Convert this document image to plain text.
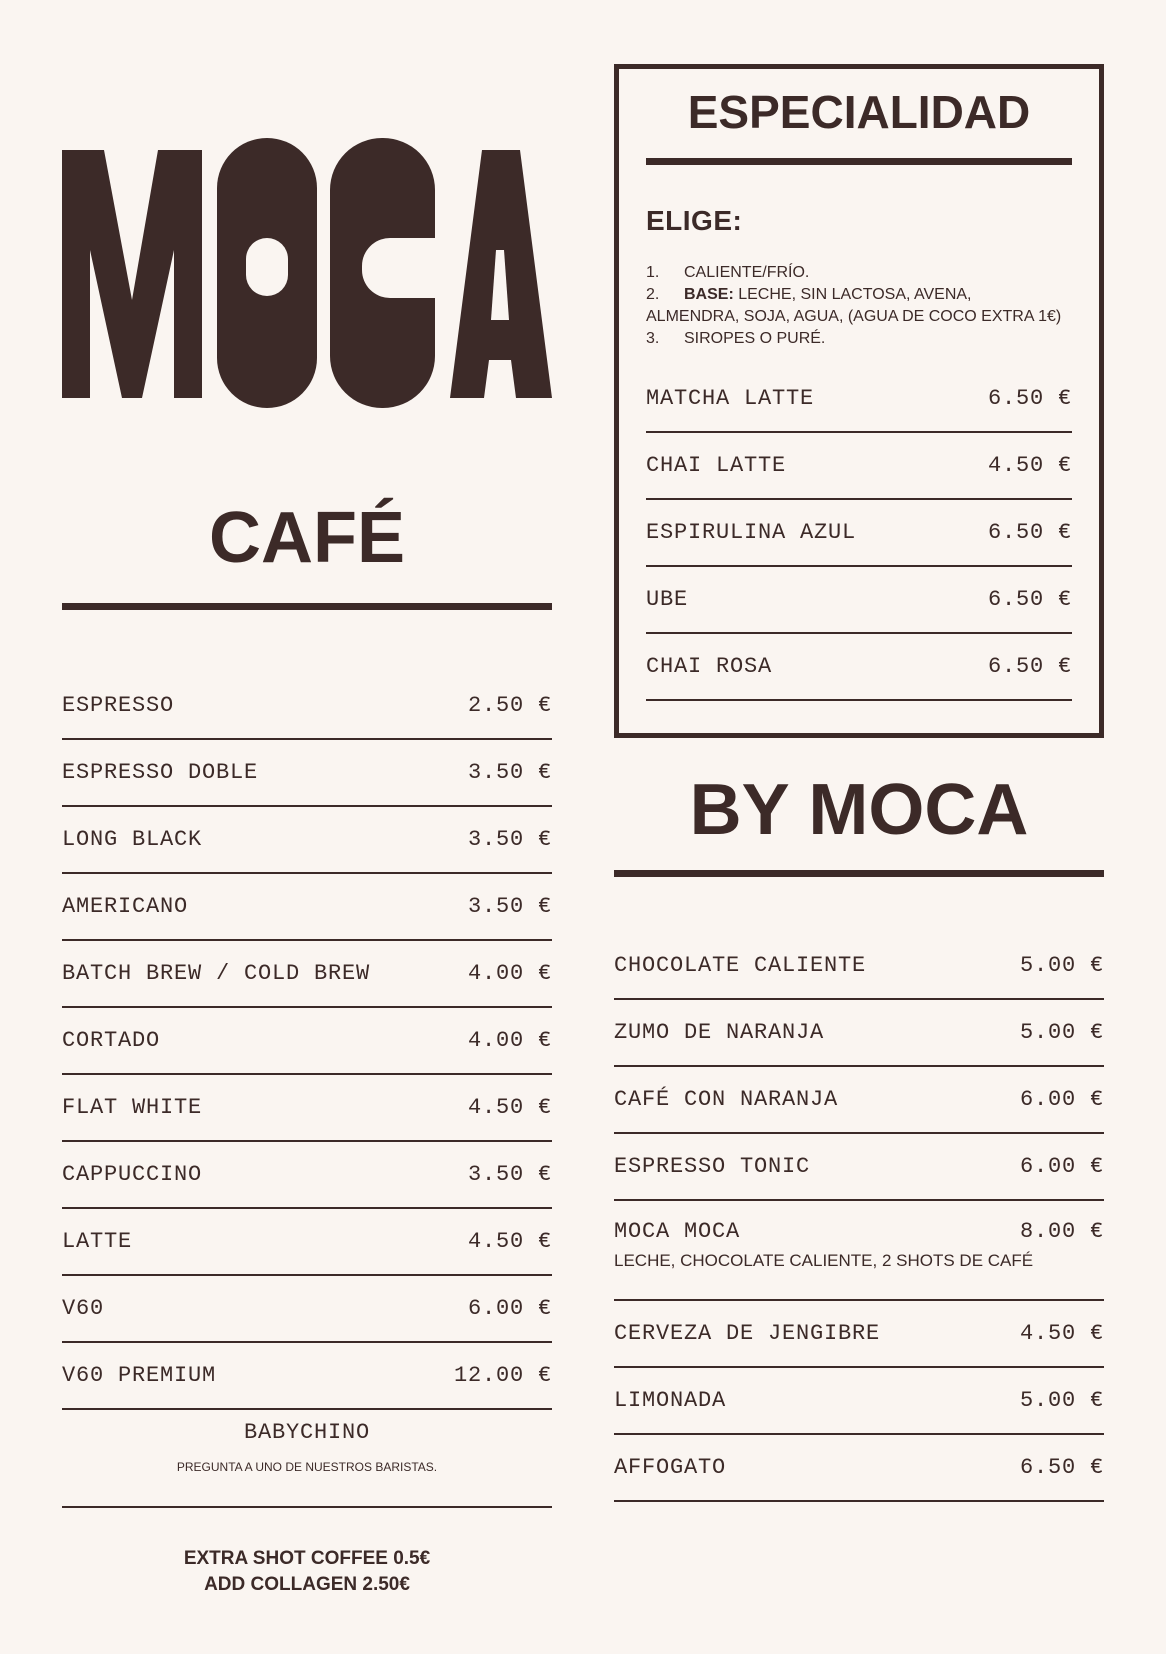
CAFÉ
ESPRESSO	2.50 €
ESPRESSO DOBLE	3.50 €
LONG BLACK	3.50 €
AMERICANO	3.50 €
BATCH BREW / COLD BREW	4.00 €
CORTADO	4.00 €
FLAT WHITE	4.50 €
CAPPUCCINO	3.50 €
LATTE	4.50 €
V60	6.00 €
V60 PREMIUM	12.00 €
BABYCHINO
PREGUNTA A UNO DE NUESTROS BARISTAS.
EXTRA SHOT COFFEE 0.5€
ADD COLLAGEN 2.50€
ESPECIALIDAD
ELIGE:
1. CALIENTE/FRÍO.
2. BASE: LECHE, SIN LACTOSA, AVENA,
ALMENDRA, SOJA, AGUA, (AGUA DE COCO EXTRA 1€)
3. SIROPES O PURÉ.
MATCHA LATTE	6.50 €
CHAI LATTE	4.50 €
ESPIRULINA AZUL	6.50 €
UBE	6.50 €
CHAI ROSA	6.50 €
BY MOCA
CHOCOLATE CALIENTE	5.00 €
ZUMO DE NARANJA	5.00 €
CAFÉ CON NARANJA	6.00 €
ESPRESSO TONIC	6.00 €
MOCA MOCA	8.00 €
LECHE, CHOCOLATE CALIENTE, 2 SHOTS DE CAFÉ
CERVEZA DE JENGIBRE	4.50 €
LIMONADA	5.00 €
AFFOGATO	6.50 €
